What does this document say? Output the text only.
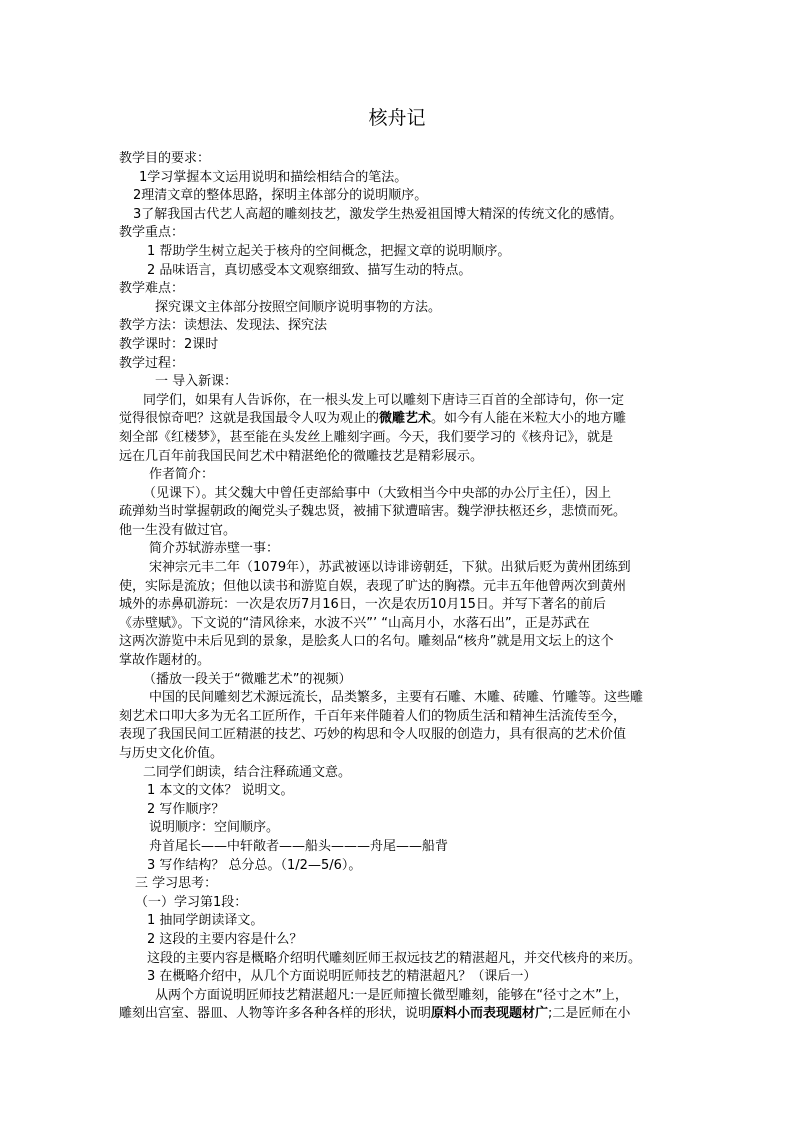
核舟记
教学目的要求：
1学习掌握本文运用说明和描绘相结合的笔法。
2理清文章的整体思路，探明主体部分的说明顺序。
3了解我国古代艺人高超的雕刻技艺，激发学生热爱祖国博大精深的传统文化的感情。
教学重点：
1 帮助学生树立起关于核舟的空间概念，把握文章的说明顺序。
2 品味语言，真切感受本文观察细致、描写生动的特点。
教学难点：
探究课文主体部分按照空间顺序说明事物的方法。
教学方法：读想法、发现法、探究法
教学课时：2课时
教学过程：
一 导入新课：
同学们，如果有人告诉你，在一根头发上可以雕刻下唐诗三百首的全部诗句，你一定
觉得很惊奇吧？这就是我国最令人叹为观止的微雕艺术。如今有人能在米粒大小的地方雕
刻全部《红楼梦》，甚至能在头发丝上雕刻字画。今天，我们要学习的《核舟记》，就是
远在几百年前我国民间艺术中精湛绝伦的微雕技艺是精彩展示。
作者简介：
（见课下）。其父魏大中曾任吏部給事中（大致相当今中央部的办公厅主任），因上
疏弹劾当时掌握朝政的阉党头子魏忠贤，被捕下狱遭暗害。魏学洢扶柩还乡，悲愤而死。
他一生没有做过官。
简介苏轼游赤壁一事：
宋神宗元丰二年（1079年），苏武被诬以诗诽谤朝廷，下狱。出狱后贬为黄州团练到
使，实际是流放；但他以读书和游览自娱，表现了旷达的胸襟。元丰五年他曾两次到黄州
城外的赤鼻矶游玩：一次是农历7月16日，一次是农历10月15日。并写下著名的前后
《赤壁赋》。下文说的“清风徐来，水波不兴”’ “山高月小，水落石出”，正是苏武在
这两次游览中未后见到的景象，是脍炙人口的名句。雕刻品“核舟”就是用文坛上的这个
掌故作题材的。
（播放一段关于“微雕艺术”的视频）
中国的民间雕刻艺术源远流长，品类繁多，主要有石雕、木雕、砖雕、竹雕等。这些雕
刻艺术口叩大多为无名工匠所作，千百年来伴随着人们的物质生活和精神生活流传至今，
表现了我国民间工匠精湛的技艺、巧妙的构思和令人叹服的创造力，具有很高的艺术价值
与历史文化价值。
二同学们朗读，结合注释疏通文意。
1 本文的文体？ 说明文。
2 写作顺序？
说明顺序：空间顺序。
舟首尾长——中轩敞者——船头———舟尾——船背
3 写作结构？ 总分总。（1/2—5/6）。
三 学习思考：
（一）学习第1段：
1 抽同学朗读译文。
2 这段的主要内容是什么？
这段的主要内容是概略介绍明代雕刻匠师王叔远技艺的精湛超凡，并交代核舟的来历。
3 在概略介绍中，从几个方面说明匠师技艺的精湛超凡？（课后一）
从两个方面说明匠师技艺精湛超凡:一是匠师擅长微型雕刻，能够在“径寸之木”上，
雕刻出宫室、器皿、人物等许多各种各样的形状，说明原料小而表现题材广;二是匠师在小
